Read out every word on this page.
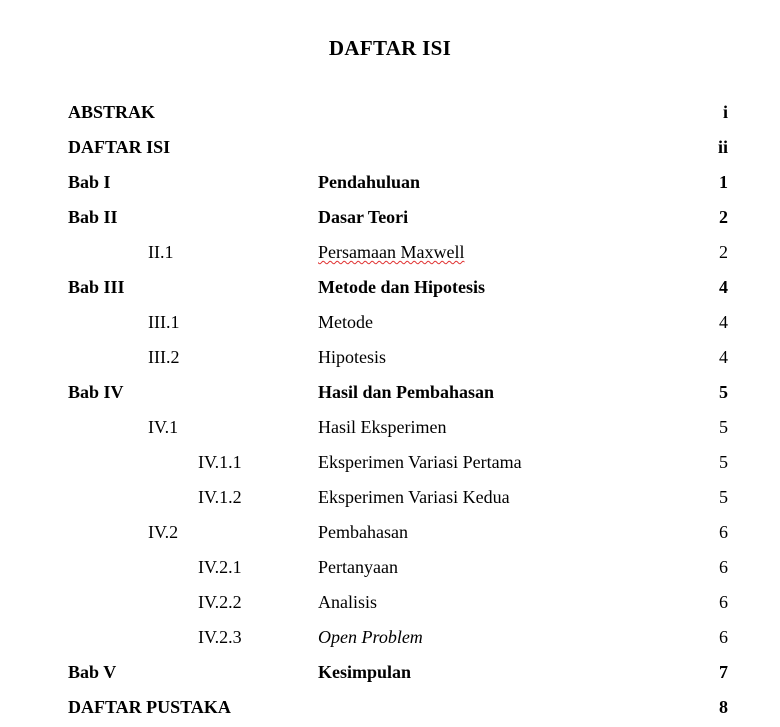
DAFTAR ISI
ABSTRAK		i
DAFTAR ISI		ii
Bab I	Pendahuluan	1
Bab II	Dasar Teori	2
II.1	Persamaan Maxwell	2
Bab III	Metode dan Hipotesis	4
III.1	Metode	4
III.2	Hipotesis	4
Bab IV	Hasil dan Pembahasan	5
IV.1	Hasil Eksperimen	5
IV.1.1	Eksperimen Variasi Pertama	5
IV.1.2	Eksperimen Variasi Kedua	5
IV.2	Pembahasan	6
IV.2.1	Pertanyaan	6
IV.2.2	Analisis	6
IV.2.3	Open Problem	6
Bab V	Kesimpulan	7
DAFTAR PUSTAKA		8
